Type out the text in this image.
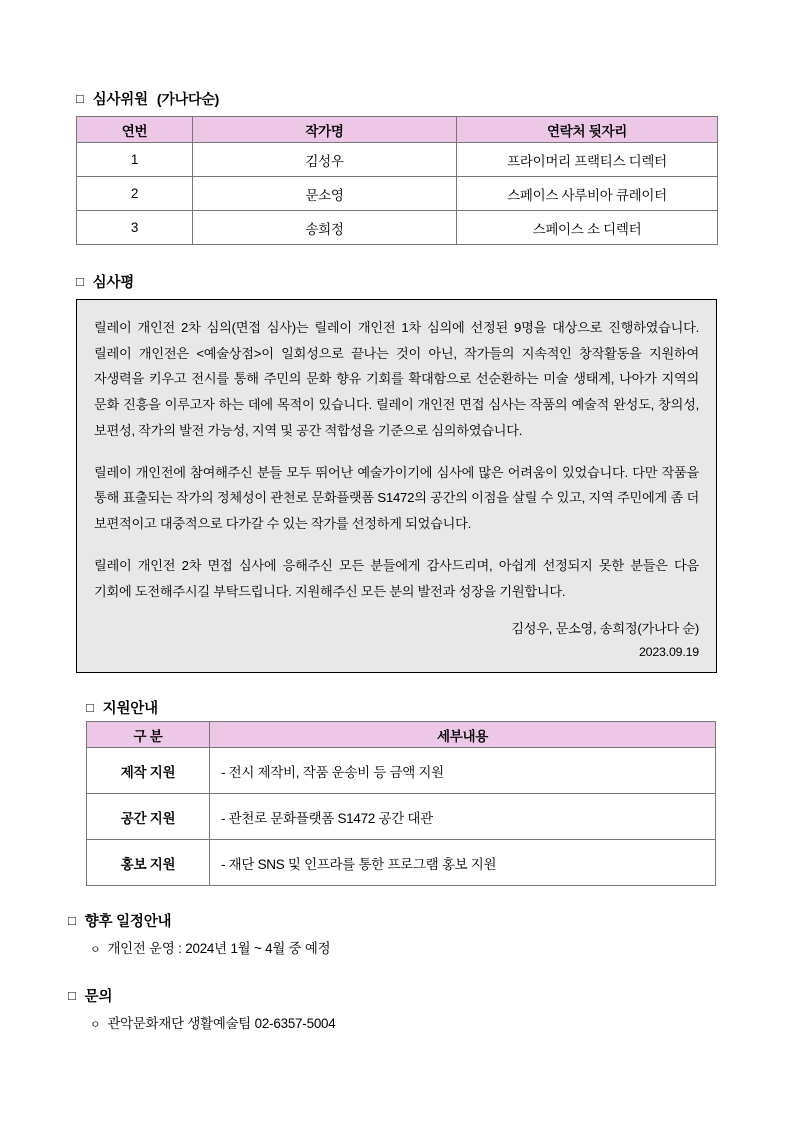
□ 심사위원 (가나다순)
연번	작가명	연락처 뒷자리
1	김성우	프라이머리 프랙티스 디렉터
2	문소영	스페이스 사루비아 큐레이터
3	송희정	스페이스 소 디렉터
□ 심사평

릴레이 개인전 2차 심의(면접 심사)는 릴레이 개인전 1차 심의에 선정된 9명을 대상으로 진행하였습니다. 릴레이 개인전은 <예술상점>이 일회성으로 끝나는 것이 아닌, 작가들의 지속적인 창작활동을 지원하여 자생력을 키우고 전시를 통해 주민의 문화 향유 기회를 확대함으로 선순환하는 미술 생태계, 나아가 지역의 문화 진흥을 이루고자 하는 데에 목적이 있습니다. 릴레이 개인전 면접 심사는 작품의 예술적 완성도, 창의성, 보편성, 작가의 발전 가능성, 지역 및 공간 적합성을 기준으로 심의하였습니다.

릴레이 개인전에 참여해주신 분들 모두 뛰어난 예술가이기에 심사에 많은 어려움이 있었습니다. 다만 작품을 통해 표출되는 작가의 정체성이 관천로 문화플랫폼 S1472의 공간의 이점을 살릴 수 있고, 지역 주민에게 좀 더 보편적이고 대중적으로 다가갈 수 있는 작가를 선정하게 되었습니다.

릴레이 개인전 2차 면접 심사에 응해주신 모든 분들에게 감사드리며, 아쉽게 선정되지 못한 분들은 다음 기회에 도전해주시길 부탁드립니다. 지원해주신 모든 분의 발전과 성장을 기원합니다.

김성우, 문소영, 송희정(가나다 순)
2023.09.19
□ 지원안내
구 분	세부내용
제작 지원	- 전시 제작비, 작품 운송비 등 금액 지원
공간 지원	- 관천로 문화플랫폼 S1472 공간 대관
홍보 지원	- 재단 SNS 및 인프라를 통한 프로그램 홍보 지원
□ 향후 일정안내
ㅇ 개인전 운영 : 2024년 1월 ~ 4월 중 예정
□ 문의
ㅇ 관악문화재단 생활예술팀 02-6357-5004
